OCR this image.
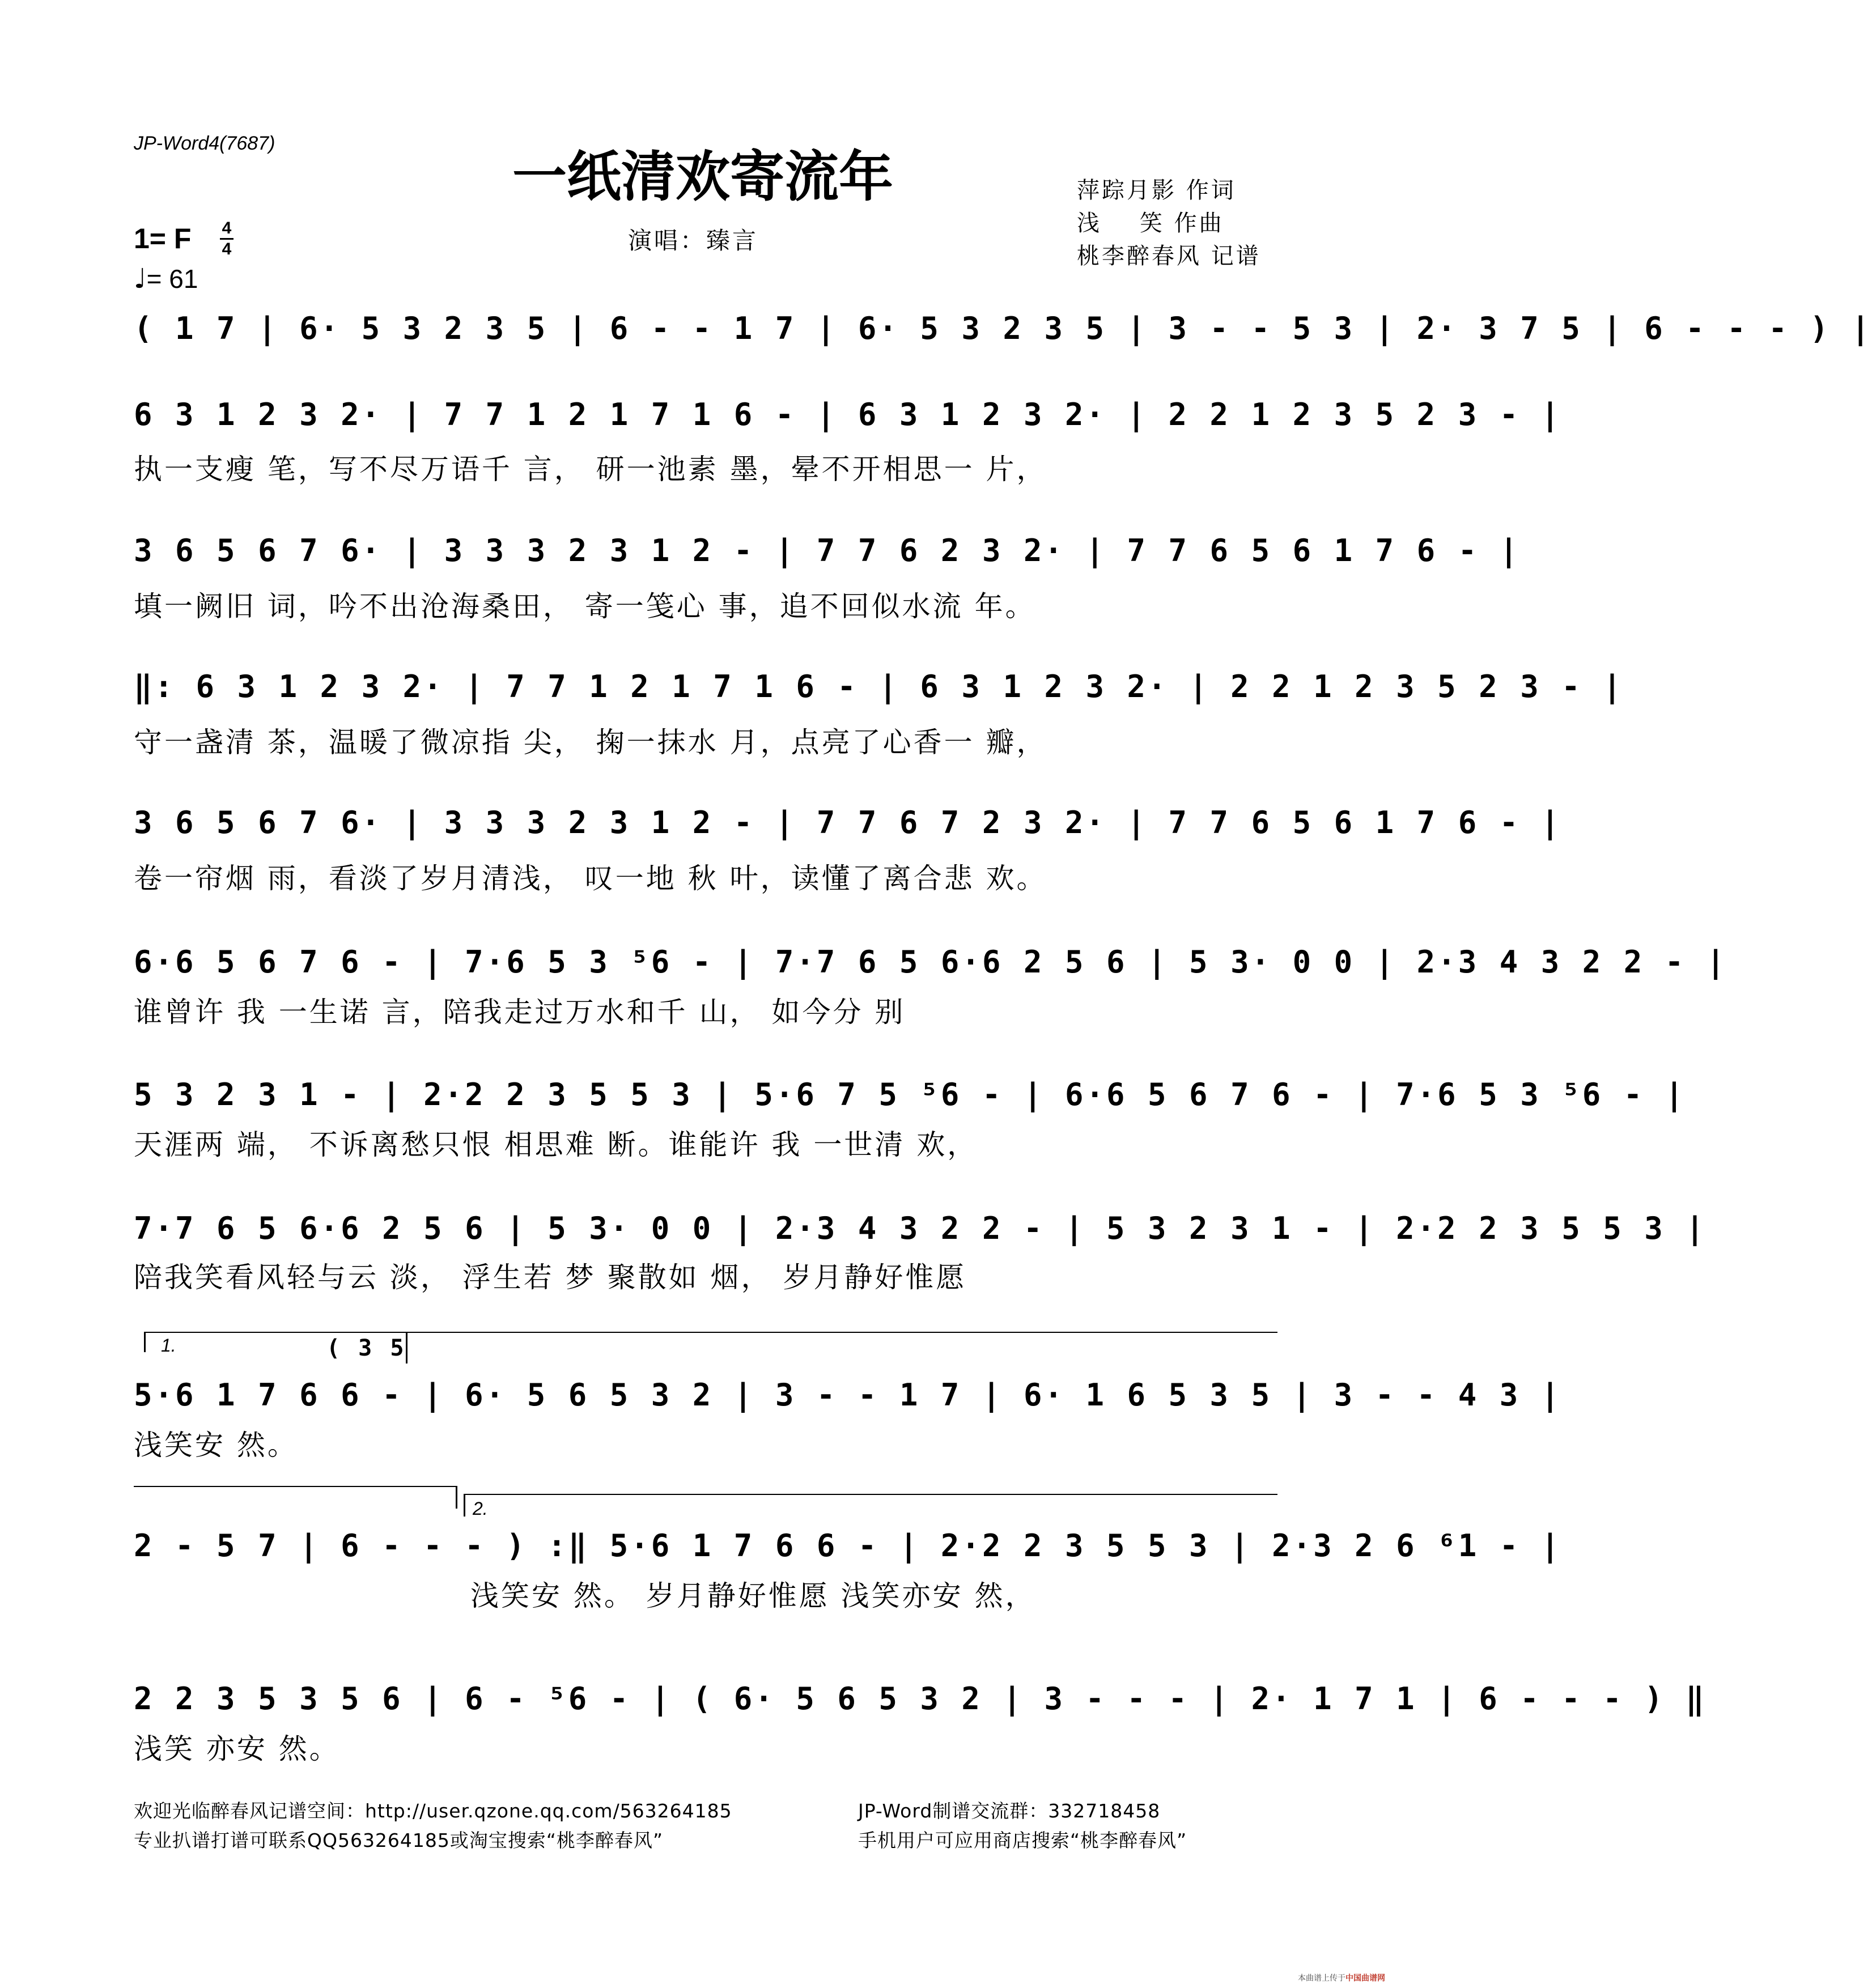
JP-Word4(7687)
一纸清欢寄流年	萍踪月影 作词
浅    笑 作曲
桃李醉春风 记谱
演唱：臻言
1= F 4
4
♩= 61
( 1 7 | 6· 5 3 2 3 5 | 6 - - 1 7 | 6· 5 3 2 3 5 | 3 - - 5 3 | 2· 3 7 5 | 6 - - - ) |
6 3 1 2 3 2· | 7 7 1 2 1 7 1 6 - | 6 3 1 2 3 2· | 2 2 1 2 3 5 2 3 - |
执一支瘦 笔，写不尽万语千 言， 研一池素 墨，晕不开相思一 片，
3 6 5 6 7 6· | 3 3 3 2 3 1 2 - | 7 7 6 2 3 2· | 7 7 6 5 6 1 7 6 - |
填一阙旧 词，吟不出沧海桑田， 寄一笺心 事，追不回似水流 年。
‖: 6 3 1 2 3 2· | 7 7 1 2 1 7 1 6 - | 6 3 1 2 3 2· | 2 2 1 2 3 5 2 3 - |
守一盏清 茶，温暖了微凉指 尖， 掬一抹水 月，点亮了心香一 瓣，
3 6 5 6 7 6· | 3 3 3 2 3 1 2 - | 7 7 6 7 2 3 2· | 7 7 6 5 6 1 7 6 - |
卷一帘烟 雨，看淡了岁月清浅， 叹一地 秋 叶，读懂了离合悲 欢。
6·6 5 6 7 6 - | 7·6 5 3 ⁵6 - | 7·7 6 5 6·6 2 5 6 | 5 3· 0 0 | 2·3 4 3 2 2 - |
谁曾许 我 一生诺 言，陪我走过万水和千 山， 如今分 别
5 3 2 3 1 - | 2·2 2 3 5 5 3 | 5·6 7 5 ⁵6 - | 6·6 5 6 7 6 - | 7·6 5 3 ⁵6 - |
天涯两 端， 不诉离愁只恨 相思难 断。谁能许 我 一世清 欢，
7·7 6 5 6·6 2 5 6 | 5 3· 0 0 | 2·3 4 3 2 2 - | 5 3 2 3 1 - | 2·2 2 3 5 5 3 |
陪我笑看风轻与云 淡， 浮生若 梦 聚散如 烟， 岁月静好惟愿
1.	( 3 5
5·6 1 7 6 6 - | 6· 5 6 5 3 2 | 3 - - 1 7 | 6· 1 6 5 3 5 | 3 - - 4 3 |
浅笑安 然。
2.
2 - 5 7 | 6 - - - ) :‖ 5·6 1 7 6 6 - | 2·2 2 3 5 5 3 | 2·3 2 6 ⁶1 - |
浅笑安 然。 岁月静好惟愿 浅笑亦安 然，
2 2 3 5 3 5 6 | 6 - ⁵6 - | ( 6· 5 6 5 3 2 | 3 - - - | 2· 1 7 1 | 6 - - - ) ‖
浅笑 亦安 然。
欢迎光临醉春风记谱空间：http://user.qzone.qq.com/563264185
专业扒谱打谱可联系QQ563264185或淘宝搜索“桃李醉春风”
JP-Word制谱交流群：332718458
手机用户可应用商店搜索“桃李醉春风”
本曲谱上传于中国曲谱网
